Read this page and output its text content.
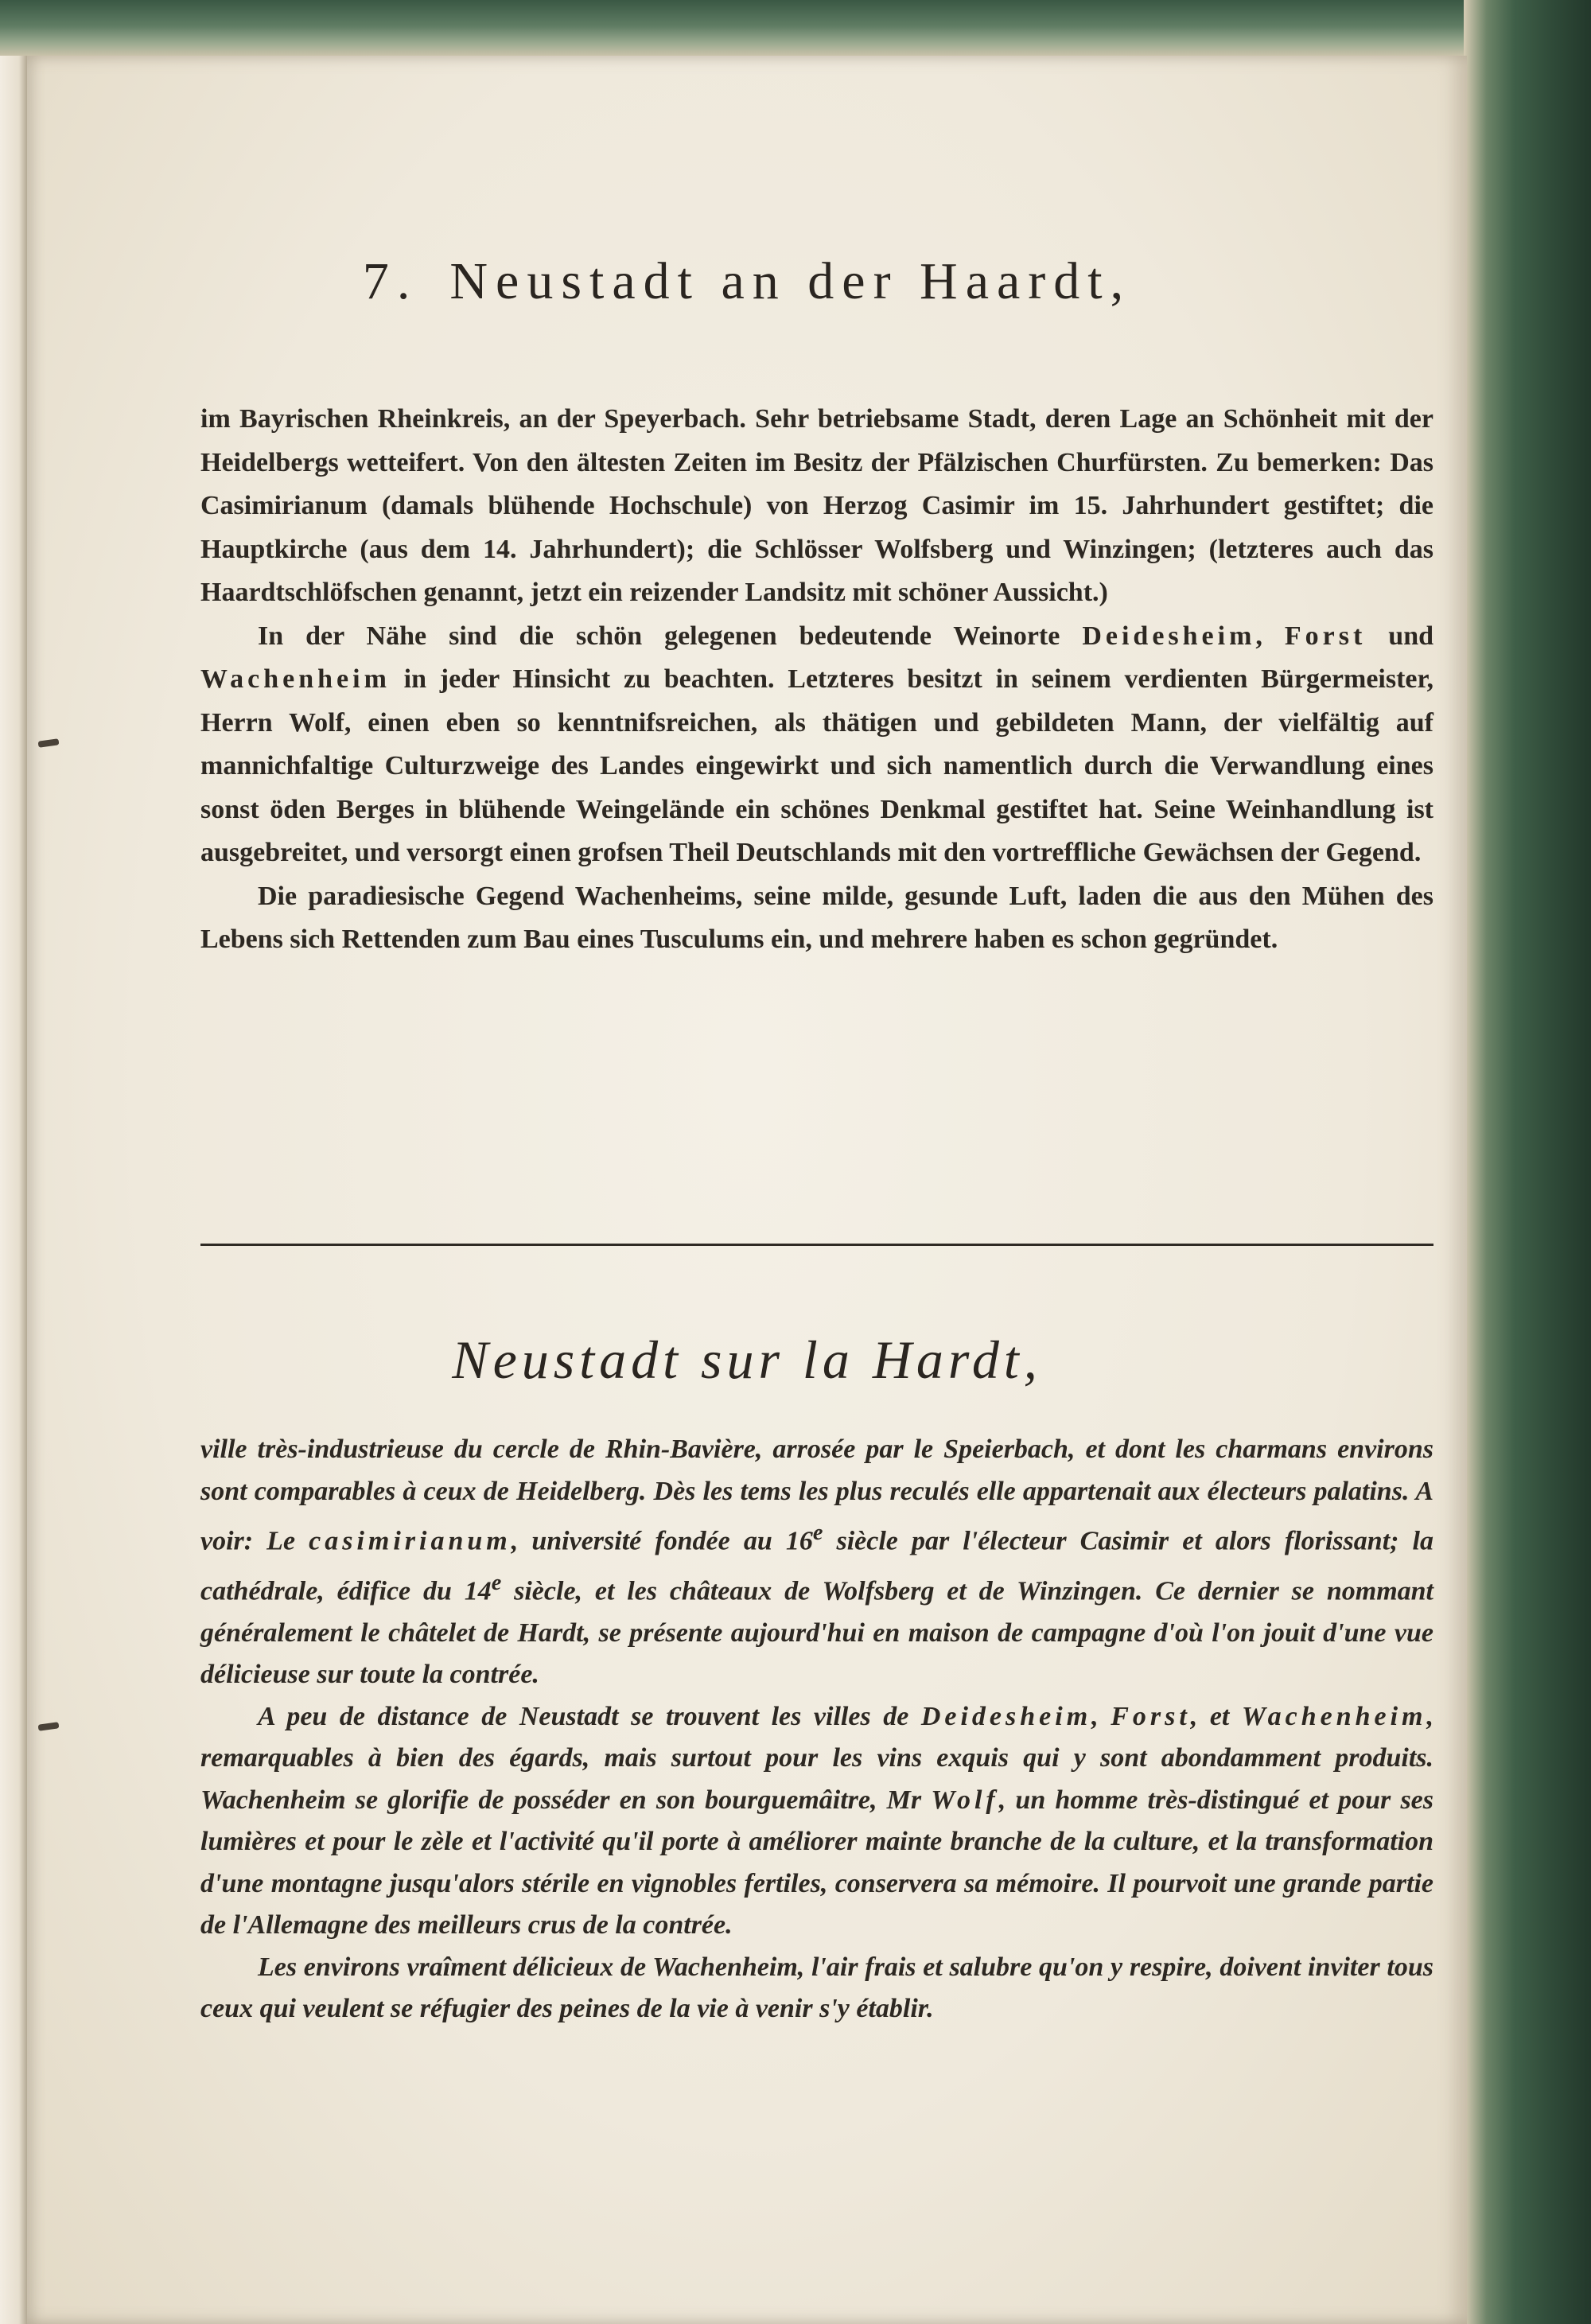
7. Neustadt an der Haardt,

im Bayrischen Rheinkreis, an der Speyerbach. Sehr betriebsame Stadt, deren Lage an Schönheit mit der Heidelbergs wetteifert. Von den ältesten Zeiten im Besitz der Pfälzischen Churfürsten. Zu bemerken: Das Casimirianum (damals blühende Hochschule) von Herzog Casimir im 15. Jahrhundert gestiftet; die Hauptkirche (aus dem 14. Jahrhundert); die Schlösser Wolfsberg und Winzingen; (letzteres auch das Haardtschlöfschen genannt, jetzt ein reizender Landsitz mit schöner Aussicht.)

In der Nähe sind die schön gelegenen bedeutende Weinorte Deidesheim, Forst und Wachenheim in jeder Hinsicht zu beachten. Letzteres besitzt in seinem verdienten Bürgermeister, Herrn Wolf, einen eben so kenntnifsreichen, als thätigen und gebildeten Mann, der vielfältig auf mannichfaltige Culturzweige des Landes eingewirkt und sich namentlich durch die Verwandlung eines sonst öden Berges in blühende Weingelände ein schönes Denkmal gestiftet hat. Seine Weinhandlung ist ausgebreitet, und versorgt einen grofsen Theil Deutschlands mit den vortreffliche Gewächsen der Gegend.

Die paradiesische Gegend Wachenheims, seine milde, gesunde Luft, laden die aus den Mühen des Lebens sich Rettenden zum Bau eines Tusculums ein, und mehrere haben es schon gegründet.

Neustadt sur la Hardt,

ville très-industrieuse du cercle de Rhin-Bavière, arrosée par le Speierbach, et dont les charmans environs sont comparables à ceux de Heidelberg. Dès les tems les plus reculés elle appartenait aux électeurs palatins. A voir: Le casimirianum, université fondée au 16e siècle par l'électeur Casimir et alors florissant; la cathédrale, édifice du 14e siècle, et les châteaux de Wolfsberg et de Winzingen. Ce dernier se nommant généralement le châtelet de Hardt, se présente aujourd'hui en maison de campagne d'où l'on jouit d'une vue délicieuse sur toute la contrée.

A peu de distance de Neustadt se trouvent les villes de Deidesheim, Forst, et Wachenheim, remarquables à bien des égards, mais surtout pour les vins exquis qui y sont abondamment produits. Wachenheim se glorifie de posséder en son bourguemâitre, Mr Wolf, un homme très-distingué et pour ses lumières et pour le zèle et l'activité qu'il porte à améliorer mainte branche de la culture, et la transformation d'une montagne jusqu'alors stérile en vignobles fertiles, conservera sa mémoire. Il pourvoit une grande partie de l'Allemagne des meilleurs crus de la contrée.

Les environs vraîment délicieux de Wachenheim, l'air frais et salubre qu'on y respire, doivent inviter tous ceux qui veulent se réfugier des peines de la vie à venir s'y établir.
